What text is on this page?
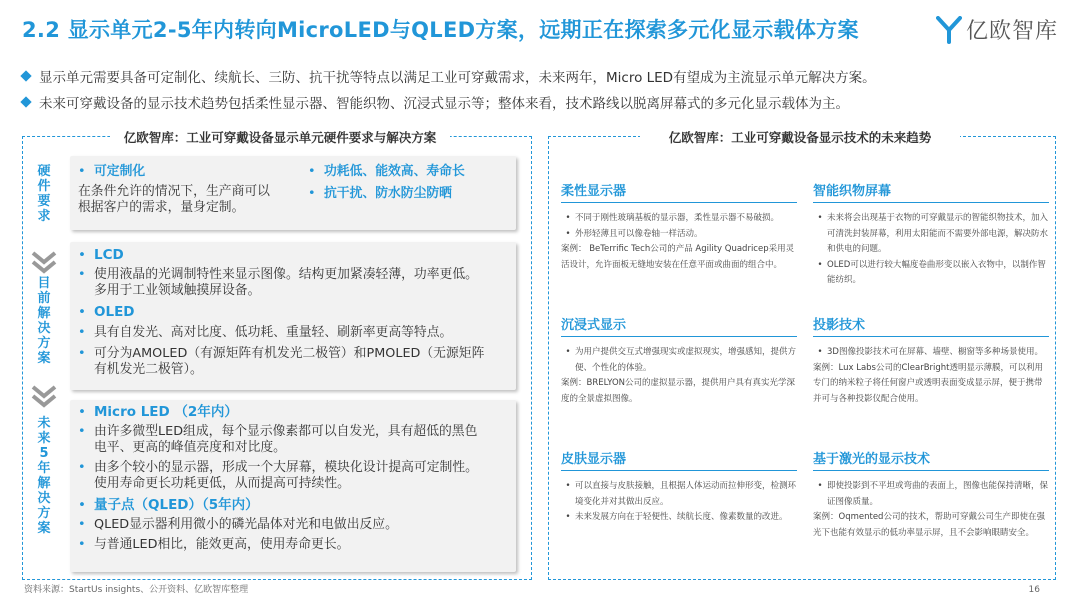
2.2 显示单元2-5年内转向MicroLED与QLED方案，远期正在探索多元化显示载体方案	亿欧智库
显示单元需要具备可定制化、续航长、三防、抗干扰等特点以满足工业可穿戴需求，未来两年，Micro LED有望成为主流显示单元解决方案。
未来可穿戴设备的显示技术趋势包括柔性显示器、智能织物、沉浸式显示等；整体来看，技术路线以脱离屏幕式的多元化显示载体为主。
亿欧智库：工业可穿戴设备显示单元硬件要求与解决方案
硬件要求
目前解决方案
未来5年解决方案
• 可定制化
在条件允许的情况下，生产商可以
根据客户的需求，量身定制。
• 功耗低、能效高、寿命长
• 抗干扰、防水防尘防晒
• LCD
• 使用液晶的光调制特性来显示图像。结构更加紧凑轻薄，功率更低。
多用于工业领域触摸屏设备。
• OLED
• 具有自发光、高对比度、低功耗、重量轻、刷新率更高等特点。
• 可分为AMOLED（有源矩阵有机发光二极管）和PMOLED（无源矩阵
有机发光二极管）。
• Micro LED （2年内）
• 由许多微型LED组成，每个显示像素都可以自发光，具有超低的黑色
电平、更高的峰值亮度和对比度。
• 由多个较小的显示器，形成一个大屏幕，模块化设计提高可定制性。
使用寿命更长功耗更低，从而提高可持续性。
• 量子点（QLED）（5年内）
• QLED显示器利用微小的磷光晶体对光和电做出反应。
• 与普通LED相比，能效更高，使用寿命更长。
亿欧智库：工业可穿戴设备显示技术的未来趋势
柔性显示器
• 不同于刚性玻璃基板的显示器，柔性显示器不易破损。
• 外形轻薄且可以像卷轴一样活动。
案例： BeTerrific Tech公司的产品 Agility Quadricep采用灵活设计，允许面板无缝地安装在任意平面或曲面的组合中。
智能织物屏幕
• 未来将会出现基于衣物的可穿戴显示的智能织物技术，加入可清洗封装屏幕，利用太阳能而不需要外部电源，解决防水和供电的问题。
• OLED可以进行较大幅度卷曲形变以嵌入衣物中，以制作智能纺织。
沉浸式显示
• 为用户提供交互式增强现实或虚拟现实，增强感知，提供方便、个性化的体验。
案例：BRELYON公司的虚拟显示器，提供用户具有真实光学深度的全景虚拟图像。
投影技术
• 3D图像投影技术可在屏幕、墙壁、橱窗等多种场景使用。
案例：Lux Labs公司的ClearBright透明显示薄膜，可以利用专门的纳米粒子将任何窗户或透明表面变成显示屏，便于携带并可与各种投影仪配合使用。
皮肤显示器
• 可以直接与皮肤接触，且根据人体运动而拉伸形变，检测环境变化并对其做出反应。
• 未来发展方向在于轻便性、续航长度、像素数量的改进。
基于激光的显示技术
• 即使投影到不平坦或弯曲的表面上，图像也能保持清晰，保证图像质量。
案例：Oqmented公司的技术，帮助可穿戴公司生产即使在强光下也能有效显示的低功率显示屏，且不会影响眼睛安全。
资料来源：StartUs insights、公开资料、亿欧智库整理	16
